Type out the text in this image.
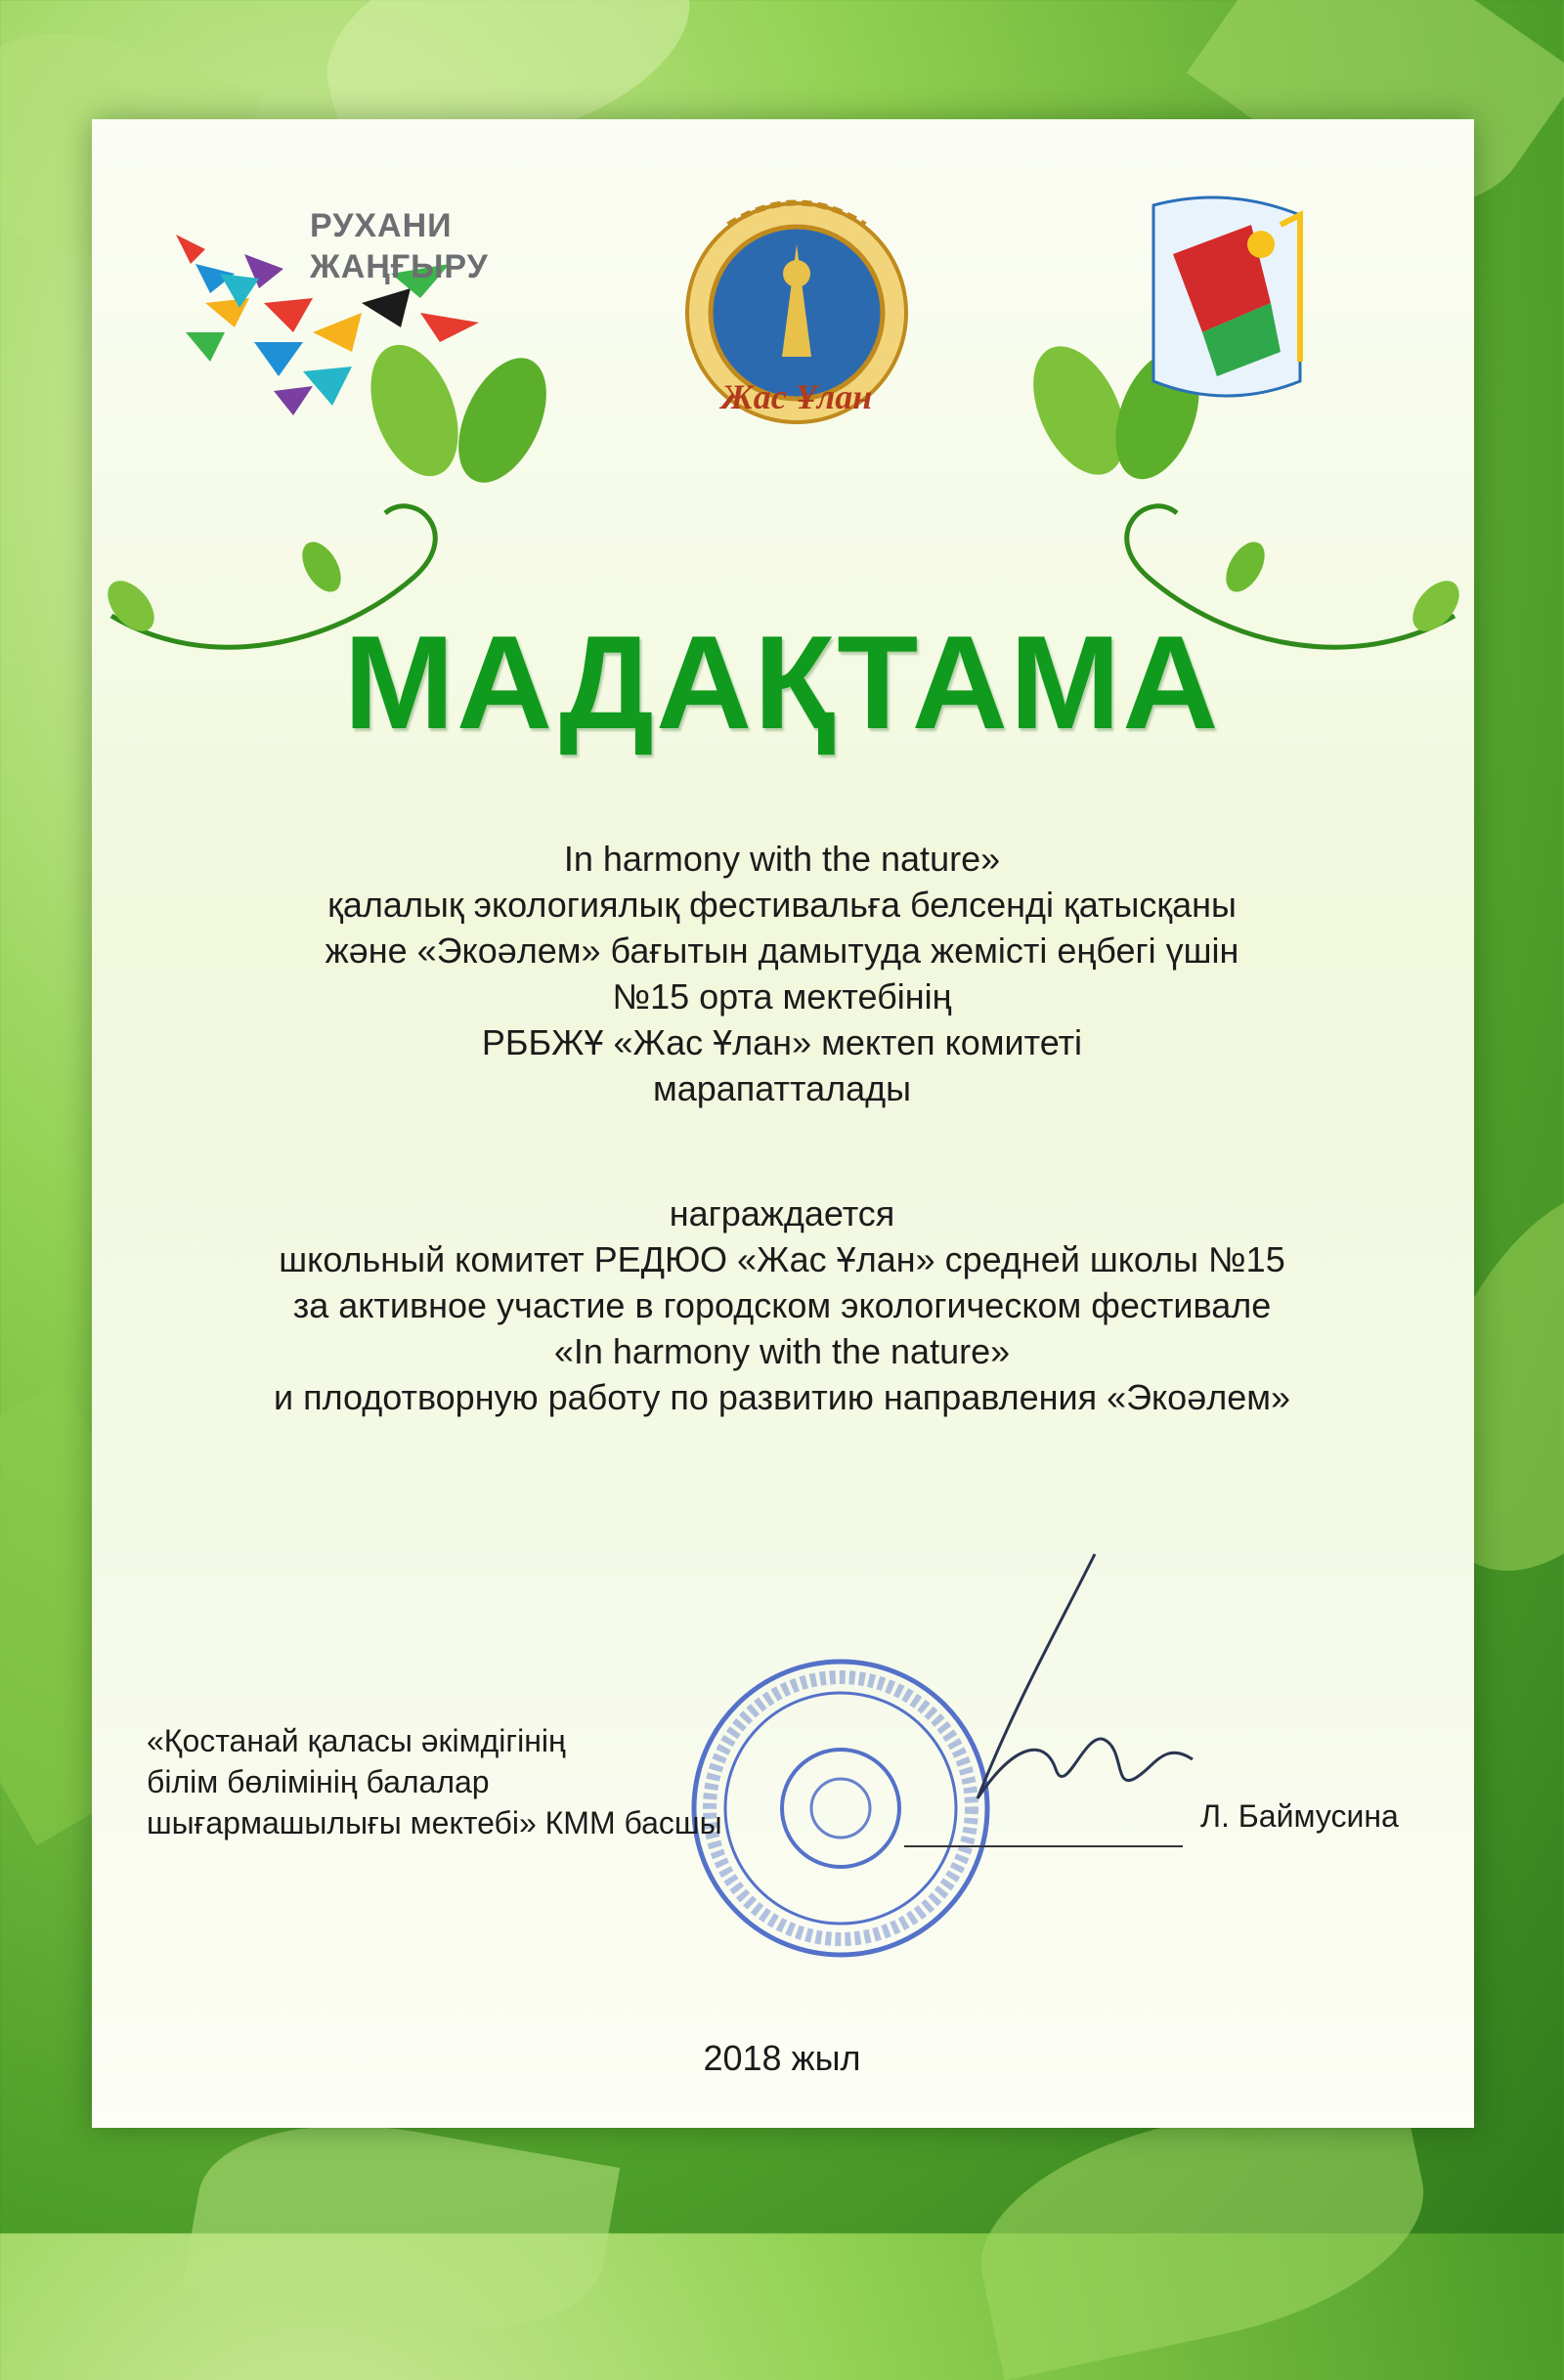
РУХАНИ
ЖАҢҒЫРУ
Жас Ұлан
МАДАҚТАМА
In harmony with the nature»
қалалық экологиялық фестивальға белсенді қатысқаны
және «Экоәлем» бағытын дамытуда жемісті еңбегі үшін
№15 орта мектебінің
РББЖҰ «Жас Ұлан» мектеп комитеті
марапатталады
награждается
школьный комитет РЕДЮО «Жас Ұлан» средней школы №15
за активное участие в городском экологическом фестивале
«In harmony with the nature»
и плодотворную работу по развитию направления «Экоәлем»
«Қостанай қаласы әкімдігінің
білім бөлімінің балалар
шығармашылығы мектебі» КММ басшы	Л. Баймусина
2018 жыл
